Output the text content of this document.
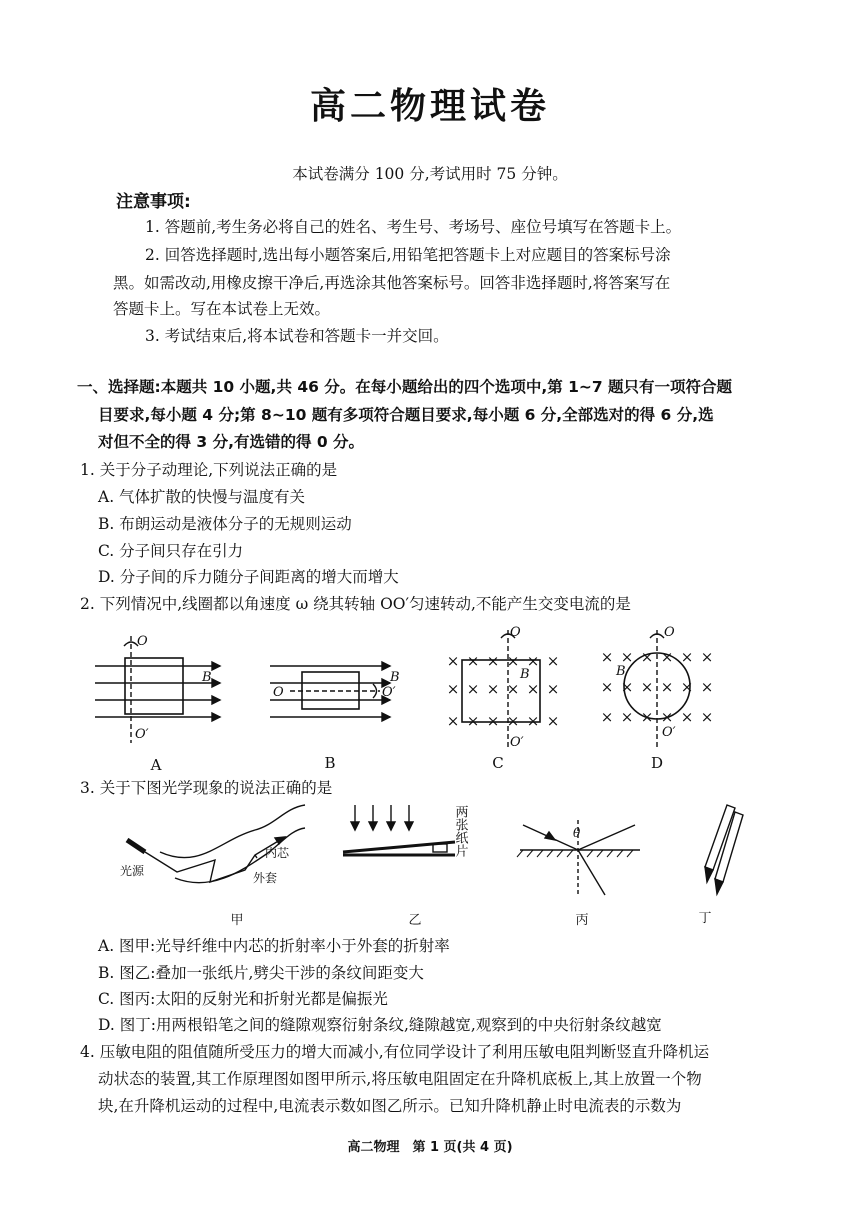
高二物理试卷
本试卷满分 100 分,考试用时 75 分钟。
注意事项:
1. 答题前,考生务必将自己的姓名、考生号、考场号、座位号填写在答题卡上。
2. 回答选择题时,选出每小题答案后,用铅笔把答题卡上对应题目的答案标号涂
黑。如需改动,用橡皮擦干净后,再选涂其他答案标号。回答非选择题时,将答案写在
答题卡上。写在本试卷上无效。
3. 考试结束后,将本试卷和答题卡一并交回。
一、选择题:本题共 10 小题,共 46 分。在每小题给出的四个选项中,第 1~7 题只有一项符合题
目要求,每小题 4 分;第 8~10 题有多项符合题目要求,每小题 6 分,全部选对的得 6 分,选
对但不全的得 3 分,有选错的得 0 分。
1. 关于分子动理论,下列说法正确的是
A. 气体扩散的快慢与温度有关
B. 布朗运动是液体分子的无规则运动
C. 分子间只存在引力
D. 分子间的斥力随分子间距离的增大而增大
2. 下列情况中,线圈都以角速度 ω 绕其转轴 OO′匀速转动,不能产生交变电流的是
× × × × × ×
× × × × × ×
× × × × × ×
× × × × × ×
× × × × × ×
× × × × × ×
O
O′
B
O	O′
B
O
O′
B
O
O′
B
A	B	C	D
3. 关于下图光学现象的说法正确的是
光源
内芯
外套
两张纸片	θ
甲	乙	丙	丁
A. 图甲:光导纤维中内芯的折射率小于外套的折射率
B. 图乙:叠加一张纸片,劈尖干涉的条纹间距变大
C. 图丙:太阳的反射光和折射光都是偏振光
D. 图丁:用两根铅笔之间的缝隙观察衍射条纹,缝隙越宽,观察到的中央衍射条纹越宽
4. 压敏电阻的阻值随所受压力的增大而减小,有位同学设计了利用压敏电阻判断竖直升降机运
动状态的装置,其工作原理图如图甲所示,将压敏电阻固定在升降机底板上,其上放置一个物
块,在升降机运动的过程中,电流表示数如图乙所示。已知升降机静止时电流表的示数为
高二物理　第 1 页(共 4 页)
